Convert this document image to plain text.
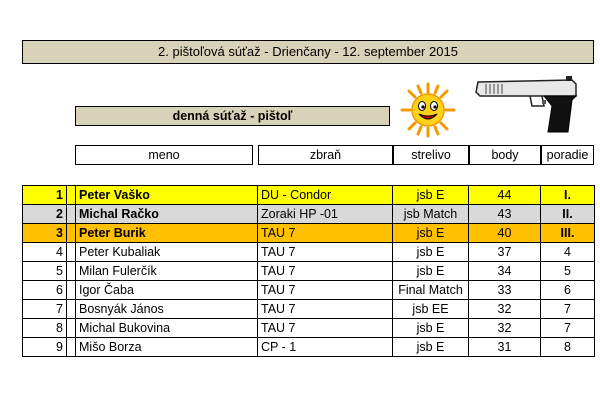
2. pištoľová súťaž - Drienčany - 12. september 2015
denná súťaž - pištoľ
meno	zbraň	strelivo	body	poradie
1		Peter Vaško	DU - Condor	jsb E	44	I.
2		Michal Račko	Zoraki HP -01	jsb Match	43	II.
3		Peter Burik	TAU 7	jsb E	40	III.
4		Peter Kubaliak	TAU 7	jsb E	37	4
5		Milan Fulerčík	TAU 7	jsb E	34	5
6		Igor Čaba	TAU 7	Final Match	33	6
7		Bosnyák János	TAU 7	jsb EE	32	7
8		Michal Bukovina	TAU 7	jsb E	32	7
9		Mišo Borza	CP - 1	jsb E	31	8
